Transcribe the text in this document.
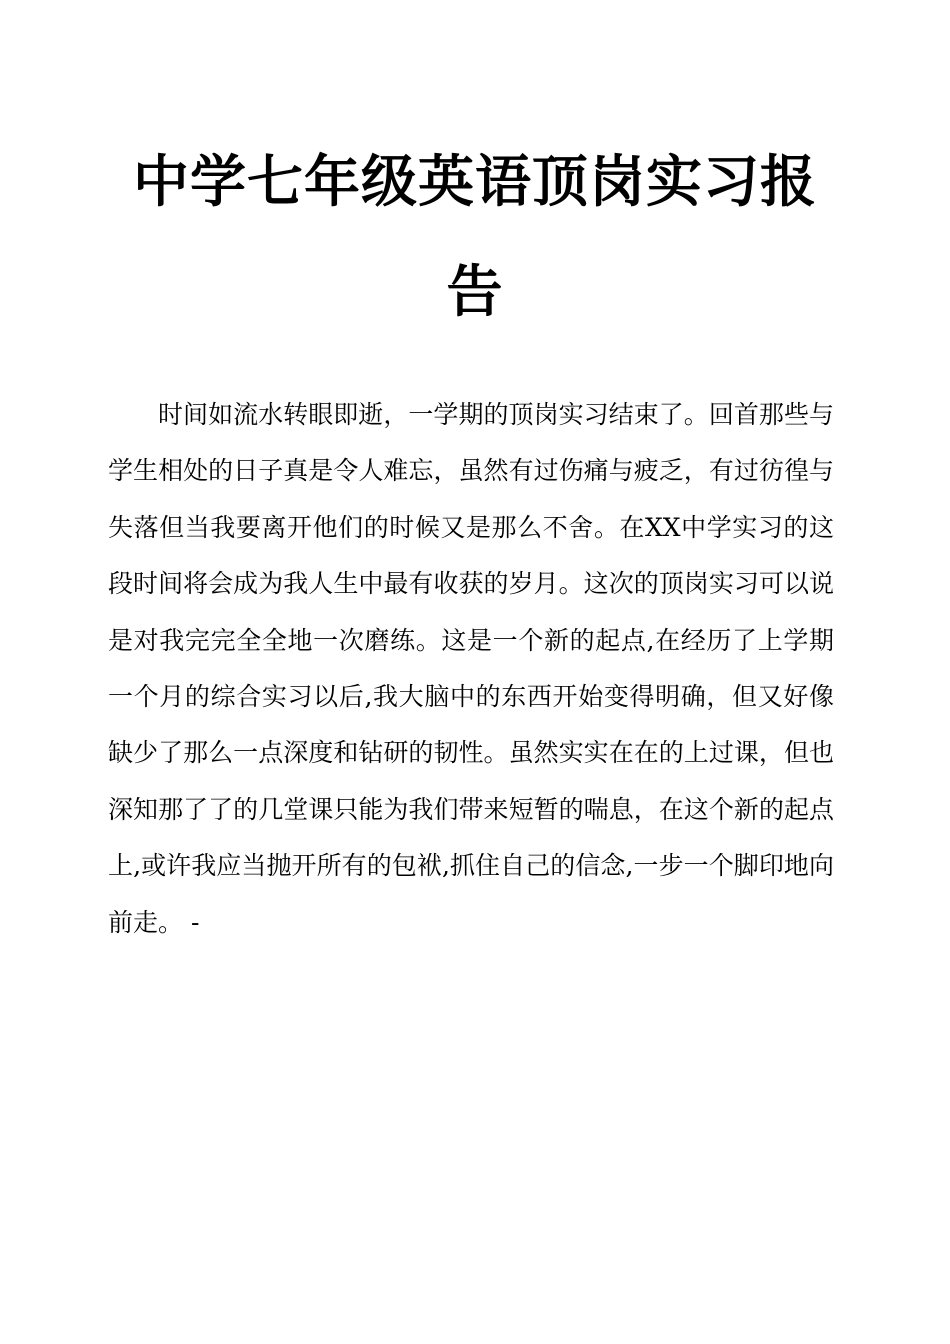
中学七年级英语顶岗实习报告

时间如流水转眼即逝，一学期的顶岗实习结束了。回首那些与学生相处的日子真是令人难忘，虽然有过伤痛与疲乏，有过彷徨与失落但当我要离开他们的时候又是那么不舍。在XX中学实习的这段时间将会成为我人生中最有收获的岁月。这次的顶岗实习可以说是对我完完全全地一次磨练。这是一个新的起点,在经历了上学期一个月的综合实习以后,我大脑中的东西开始变得明确，但又好像缺少了那么一点深度和钻研的韧性。虽然实实在在的上过课，但也深知那了了的几堂课只能为我们带来短暂的喘息，在这个新的起点上,或许我应当抛开所有的包袱,抓住自己的信念,一步一个脚印地向前走。 -
